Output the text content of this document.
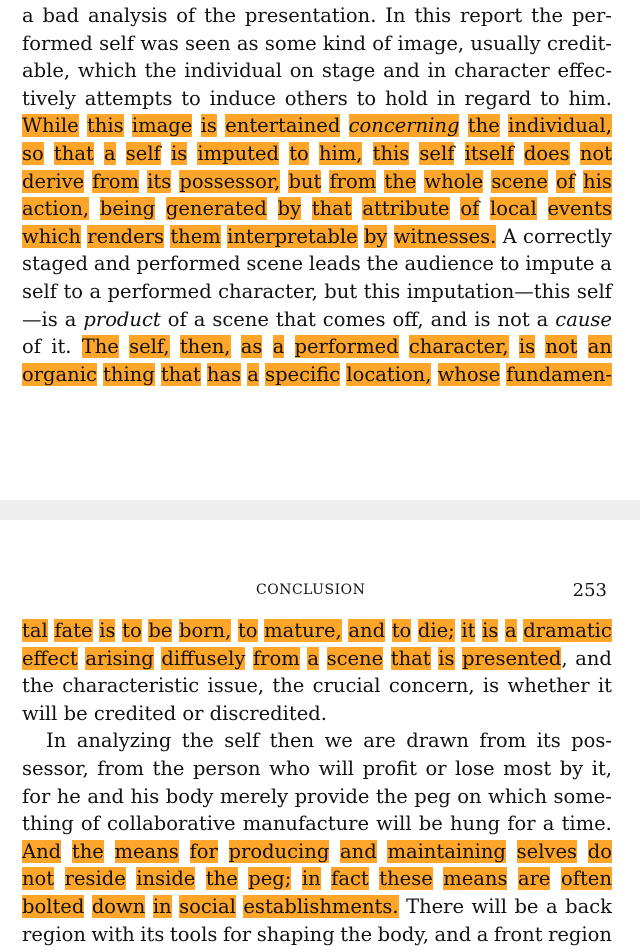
a bad analysis of the presentation. In this report the per-
formed self was seen as some kind of image, usually credit-
able, which the individual on stage and in character effec-
tively attempts to induce others to hold in regard to him.
While this image is entertained concerning the individual,
so that a self is imputed to him, this self itself does not
derive from its possessor, but from the whole scene of his
action, being generated by that attribute of local events
which renders them interpretable by witnesses. A correctly
staged and performed scene leads the audience to impute a
self to a performed character, but this imputation—this self
—is a product of a scene that comes off, and is not a cause
of it. The self, then, as a performed character, is not an
organic thing that has a specific location, whose fundamen-
CONCLUSION	253
tal fate is to be born, to mature, and to die; it is a dramatic
effect arising diffusely from a scene that is presented, and
the characteristic issue, the crucial concern, is whether it
will be credited or discredited.
In analyzing the self then we are drawn from its pos-
sessor, from the person who will profit or lose most by it,
for he and his body merely provide the peg on which some-
thing of collaborative manufacture will be hung for a time.
And the means for producing and maintaining selves do
not reside inside the peg; in fact these means are often
bolted down in social establishments. There will be a back
region with its tools for shaping the body, and a front region
